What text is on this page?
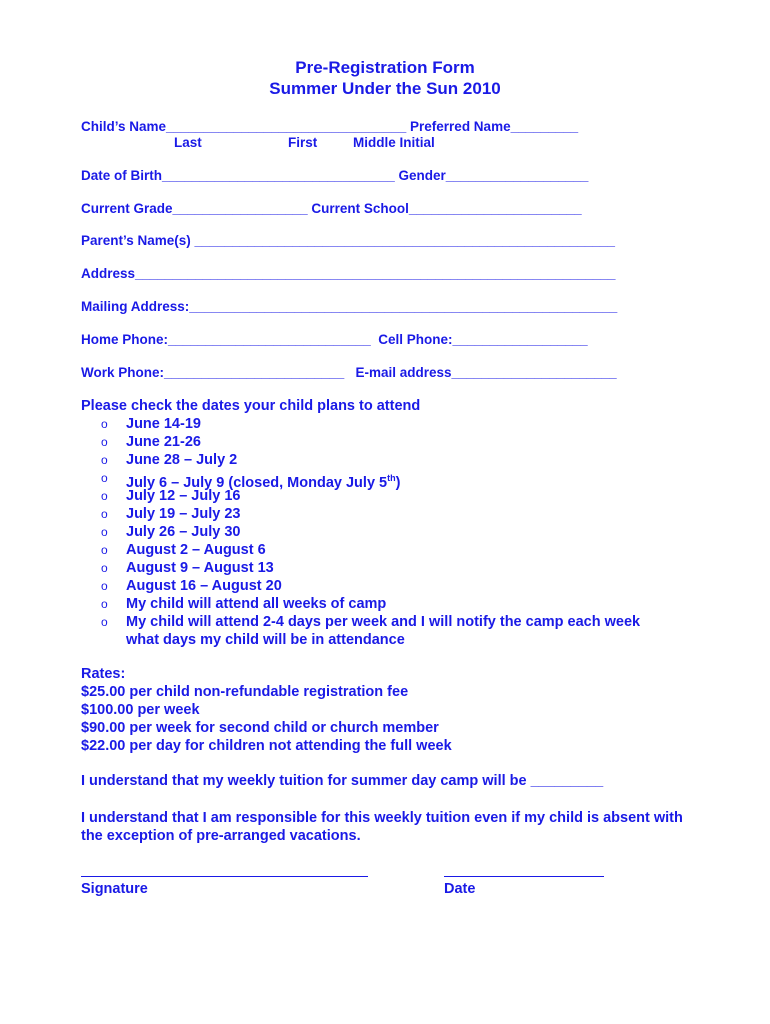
Pre-Registration Form
Summer Under the Sun 2010
Child’s Name________________________________ Preferred Name_________
Last	First	Middle Initial
Date of Birth_______________________________ Gender___________________
Current Grade__________________ Current School_______________________
Parent’s Name(s) ________________________________________________________
Address________________________________________________________________
Mailing Address:_________________________________________________________
Home Phone:___________________________  Cell Phone:__________________
Work Phone:________________________   E-mail address______________________
Please check the dates your child plans to attend
o June 14-19
o June 21-26
o June 28 – July 2
o July 6 – July 9 (closed, Monday July 5th)
o July 12 – July 16
o July 19 – July 23
o July 26 – July 30
o August 2 – August 6
o August 9 – August 13
o August 16 – August 20
o My child will attend all weeks of camp
o My child will attend 2-4 days per week and I will notify the camp each week what days my child will be in attendance
Rates:
$25.00 per child non-refundable registration fee
$100.00 per week
$90.00 per week for second child or church member
$22.00 per day for children not attending the full week
I understand that my weekly tuition for summer day camp will be _________
I understand that I am responsible for this weekly tuition even if my child is absent with the exception of pre-arranged vacations.
Signature	Date
